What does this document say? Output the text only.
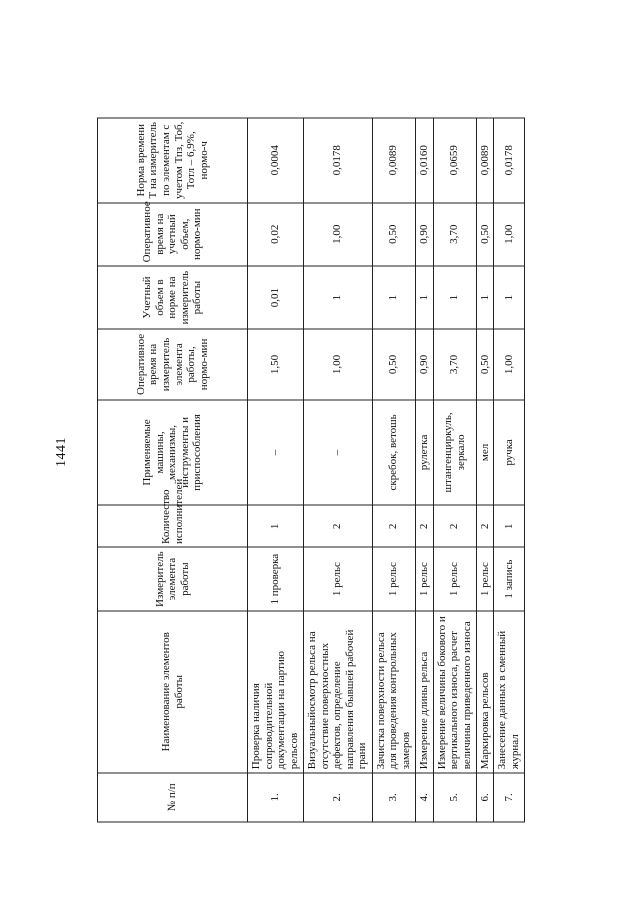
1441
№ п/п	Наименование элементов работы	Измеритель элемента работы	Количество исполнителей	Применяемые машины, механизмы, инструменты и приспособления	Оперативное время на измеритель элемента работы, нормо-мин	Учетный объем в норме на измеритель работы	Оперативное время на учетный объем, нормо-мин	Норма времени Т на измеритель по элементам с учетом Тпз, Тоб, Тотл – 6,9%, нормо-ч
1.	Проверка наличия сопроводительной документации на партию рельсов	1 проверка	1	–	1,50	0,01	0,02	0,0004
2.	Визуальныйосмотр рельса на отсутствие поверхностных дефектов, определение направления бывшей рабочей грани	1 рельс	2	–	1,00	1	1,00	0,0178
3.	Зачистка поверхности рельса для проведения контрольных замеров	1 рельс	2	скребок, ветошь	0,50	1	0,50	0,0089
4.	Измерение длины рельса	1 рельс	2	рулетка	0,90	1	0,90	0,0160
5.	Измерение величины бокового и вертикального износа, расчет величины приведенного износа	1 рельс	2	штангенциркуль, зеркало	3,70	1	3,70	0,0659
6.	Маркировка рельсов	1 рельс	2	мел	0,50	1	0,50	0,0089
7.	Занесение данных в сменный журнал	1 запись	1	ручка	1,00	1	1,00	0,0178
